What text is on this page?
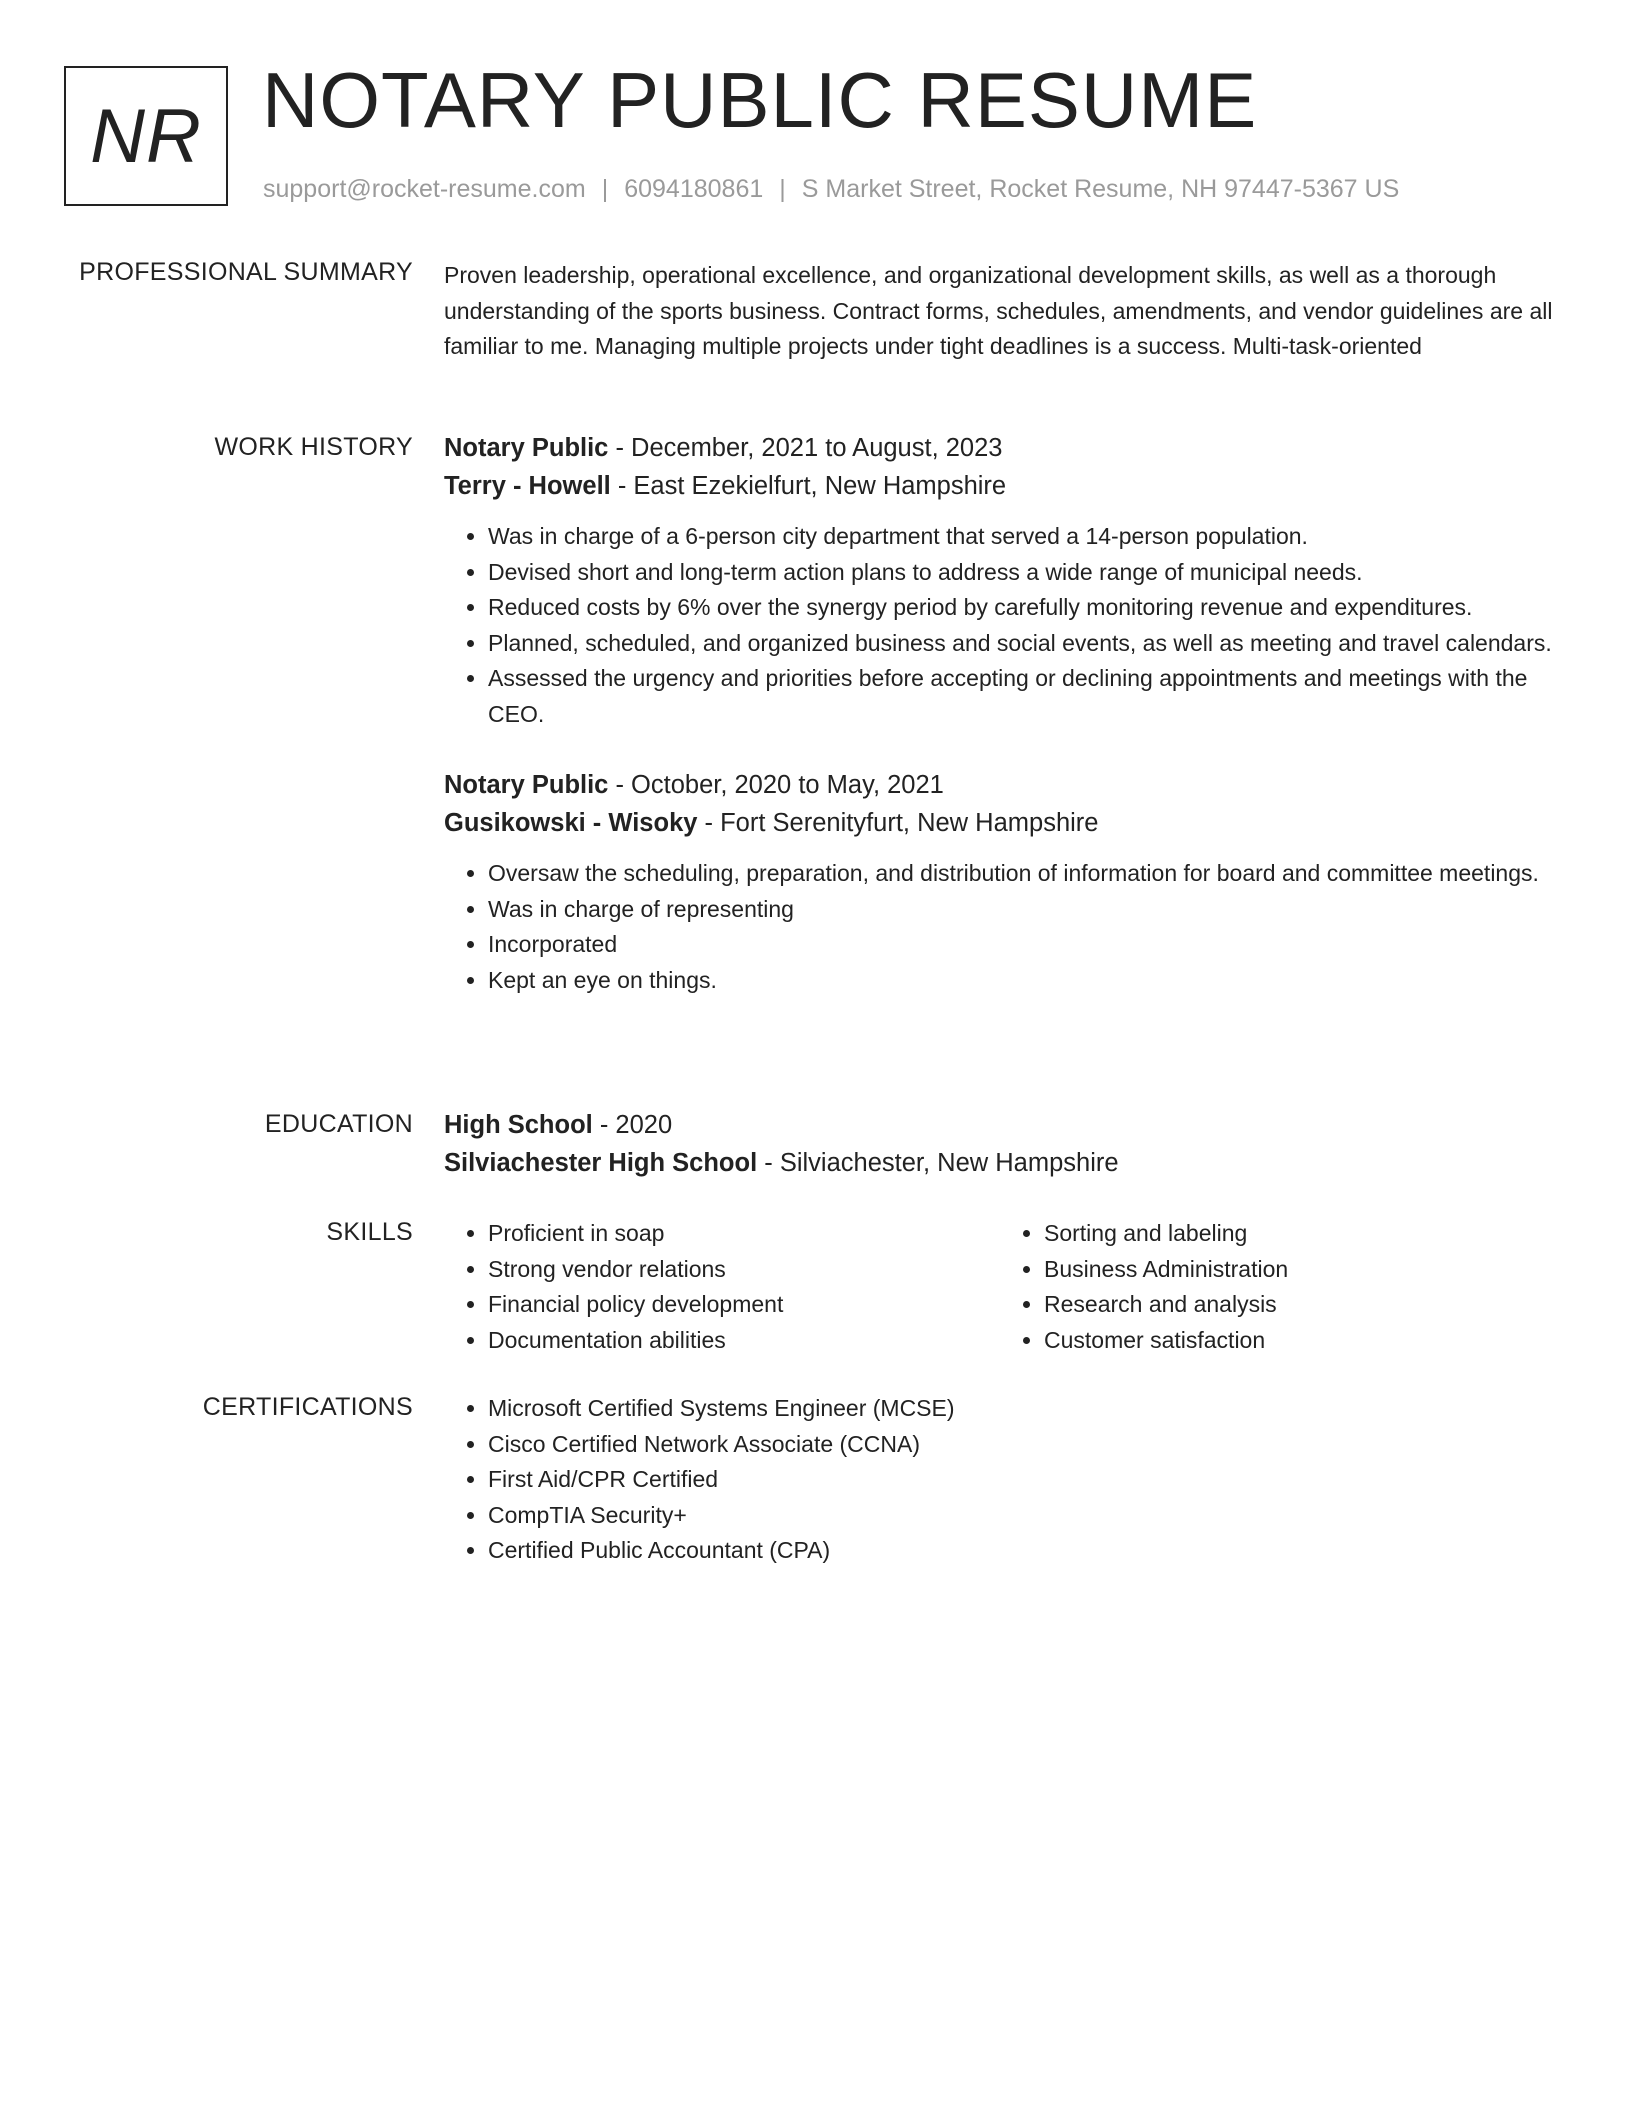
NR NOTARY PUBLIC RESUME
support@rocket-resume.com | 6094180861 | S Market Street, Rocket Resume, NH 97447-5367 US
PROFESSIONAL SUMMARY Proven leadership, operational excellence, and organizational development skills, as well as a thorough understanding of the sports business. Contract forms, schedules, amendments, and vendor guidelines are all familiar to me. Managing multiple projects under tight deadlines is a success. Multi-task-oriented

WORK HISTORY Notary Public - December, 2021 to August, 2023
Terry - Howell - East Ezekielfurt, New Hampshire
• Was in charge of a 6-person city department that served a 14-person population.
• Devised short and long-term action plans to address a wide range of municipal needs.
• Reduced costs by 6% over the synergy period by carefully monitoring revenue and expenditures.
• Planned, scheduled, and organized business and social events, as well as meeting and travel calendars.
• Assessed the urgency and priorities before accepting or declining appointments and meetings with the CEO.
Notary Public - October, 2020 to May, 2021
Gusikowski - Wisoky - Fort Serenityfurt, New Hampshire
• Oversaw the scheduling, preparation, and distribution of information for board and committee meetings.
• Was in charge of representing
• Incorporated
• Kept an eye on things.
EDUCATION High School - 2020
Silviachester High School - Silviachester, New Hampshire
SKILLS	• Proficient in soap
• Strong vendor relations
• Financial policy development
• Documentation abilities
• Sorting and labeling
• Business Administration
• Research and analysis
• Customer satisfaction
CERTIFICATIONS	• Microsoft Certified Systems Engineer (MCSE)
• Cisco Certified Network Associate (CCNA)
• First Aid/CPR Certified
• CompTIA Security+
• Certified Public Accountant (CPA)
